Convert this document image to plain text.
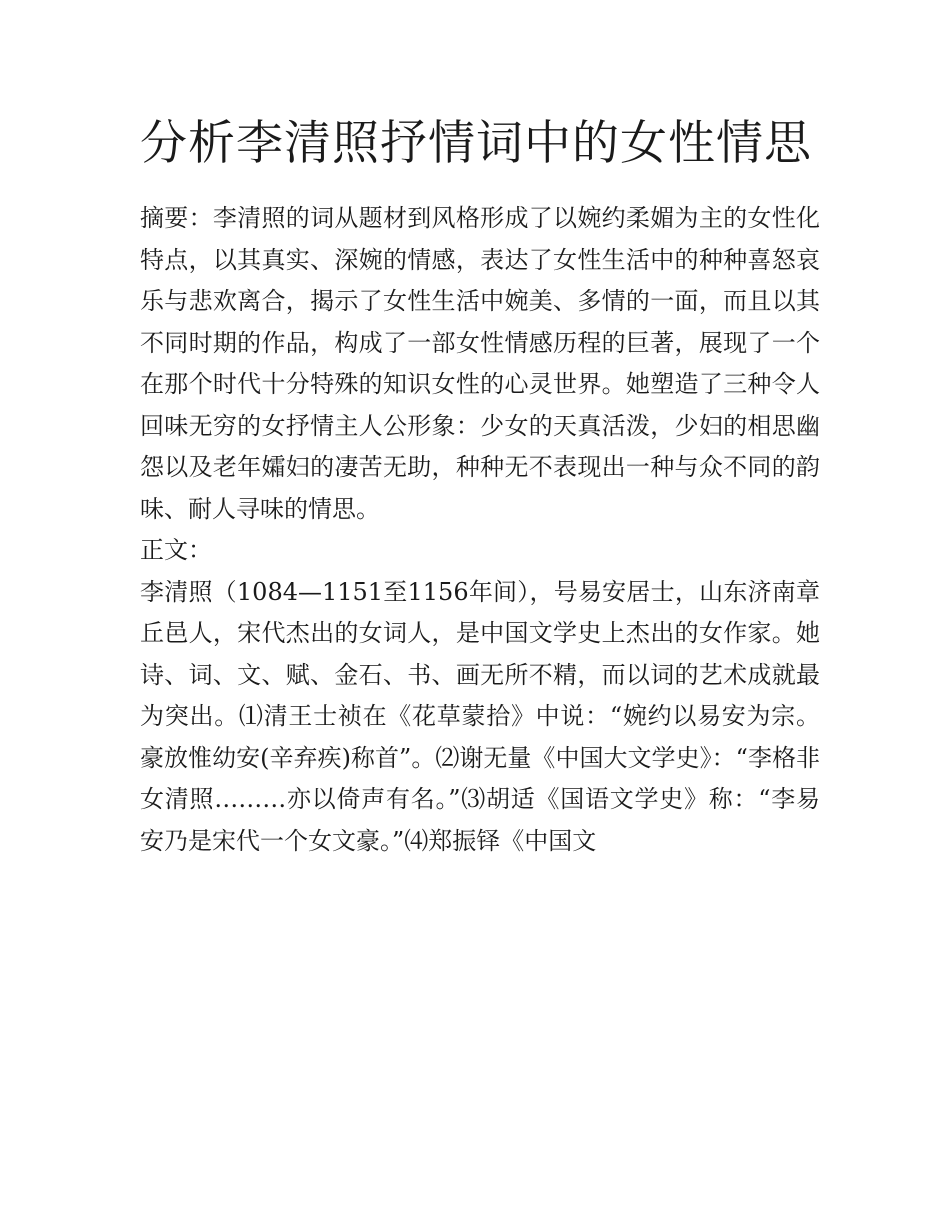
分析李清照抒情词中的女性情思

摘要：李清照的词从题材到风格形成了以婉约柔媚为主的女性化特点，以其真实、深婉的情感，表达了女性生活中的种种喜怒哀乐与悲欢离合，揭示了女性生活中婉美、多情的一面，而且以其不同时期的作品，构成了一部女性情感历程的巨著，展现了一个在那个时代十分特殊的知识女性的心灵世界。她塑造了三种令人回味无穷的女抒情主人公形象：少女的天真活泼，少妇的相思幽怨以及老年孀妇的凄苦无助，种种无不表现出一种与众不同的韵味、耐人寻味的情思。

正文：

李清照（1084—1151至1156年间），号易安居士，山东济南章丘邑人，宋代杰出的女词人，是中国文学史上杰出的女作家。她诗、词、文、赋、金石、书、画无所不精，而以词的艺术成就最为突出。⑴清王士祯在《花草蒙拾》中说：“婉约以易安为宗。豪放惟幼安(辛弃疾)称首”。⑵谢无量《中国大文学史》：“李格非女清照………亦以倚声有名。”⑶胡适《国语文学史》称：“李易安乃是宋代一个女文豪。”⑷郑振铎《中国文
